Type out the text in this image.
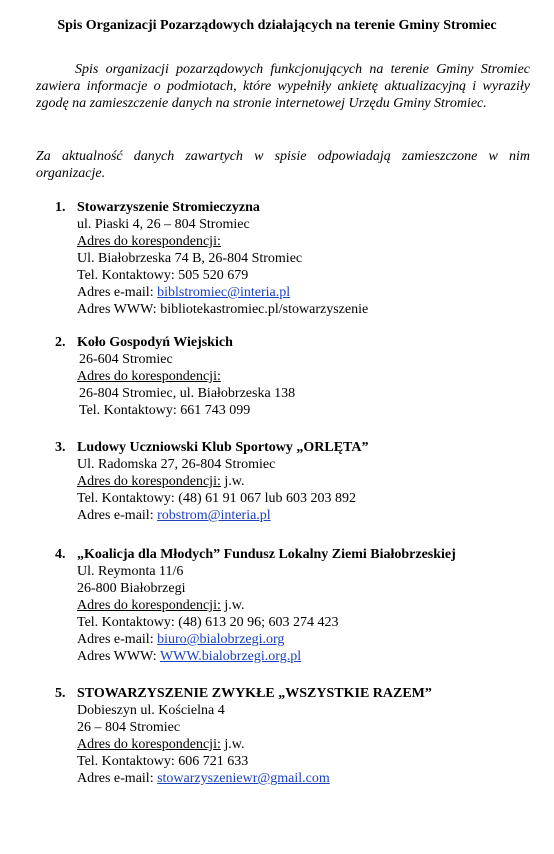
Spis Organizacji Pozarządowych działających na terenie Gminy Stromiec
Spis organizacji pozarządowych funkcjonujących na terenie Gminy Stromiec zawiera informacje o podmiotach, które wypełniły ankietę aktualizacyjną i wyraziły zgodę na zamieszczenie danych na stronie internetowej Urzędu Gminy Stromiec.
Za aktualność danych zawartych w spisie odpowiadają zamieszczone w nim organizacje.
1. Stowarzyszenie Stromieczyzna
ul. Piaski 4, 26 – 804 Stromiec
Adres do korespondencji:
Ul. Białobrzeska 74 B, 26-804 Stromiec
Tel. Kontaktowy: 505 520 679
Adres e-mail: biblstromiec@interia.pl
Adres WWW: bibliotekastromiec.pl/stowarzyszenie
2. Koło Gospodyń Wiejskich
26-604 Stromiec
Adres do korespondencji:
26-804 Stromiec, ul. Białobrzeska 138
Tel. Kontaktowy: 661 743 099
3. Ludowy Uczniowski Klub Sportowy „ORLĘTA”
Ul. Radomska 27, 26-804 Stromiec
Adres do korespondencji: j.w.
Tel. Kontaktowy: (48) 61 91 067 lub 603 203 892
Adres e-mail: robstrom@interia.pl
4. „Koalicja dla Młodych” Fundusz Lokalny Ziemi Białobrzeskiej
Ul. Reymonta 11/6
26-800 Białobrzegi
Adres do korespondencji: j.w.
Tel. Kontaktowy: (48) 613 20 96; 603 274 423
Adres e-mail: biuro@bialobrzegi.org
Adres WWW: WWW.bialobrzegi.org.pl
5. STOWARZYSZENIE ZWYKŁE „WSZYSTKIE RAZEM”
Dobieszyn ul. Kościelna 4
26 – 804 Stromiec
Adres do korespondencji: j.w.
Tel. Kontaktowy: 606 721 633
Adres e-mail: stowarzyszeniewr@gmail.com
